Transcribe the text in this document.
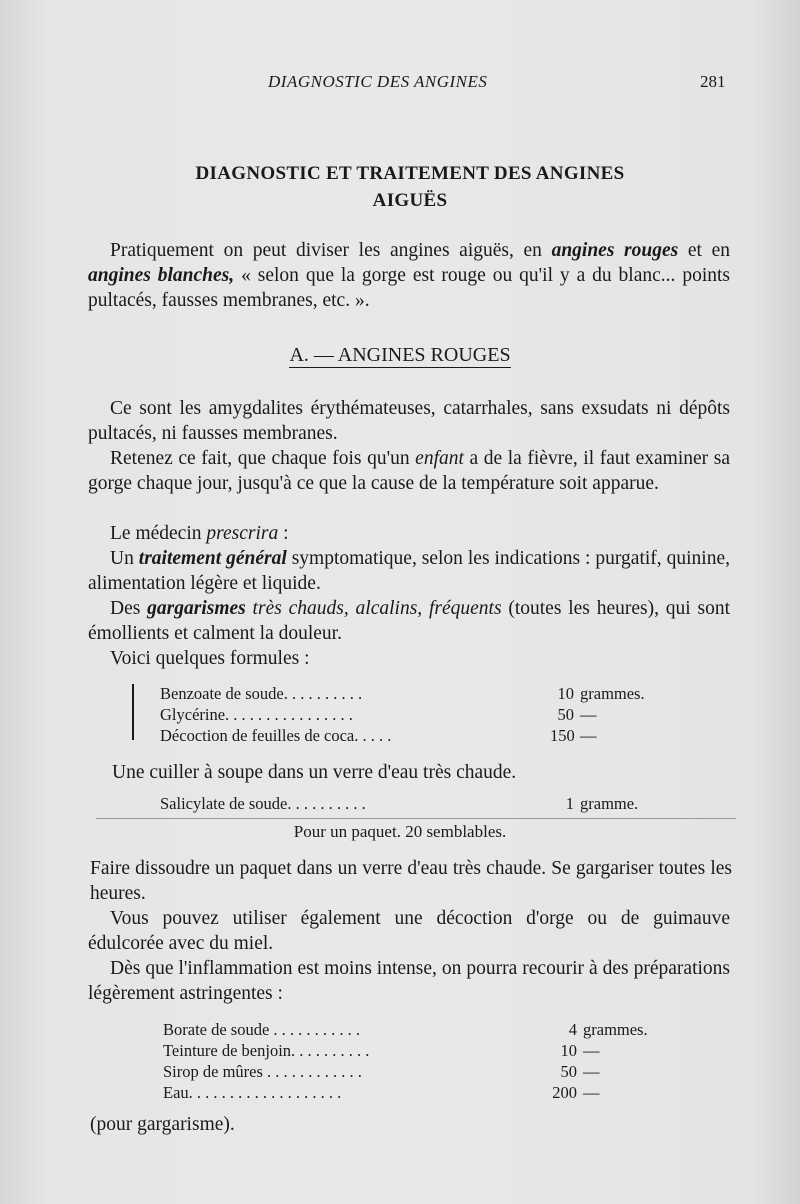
DIAGNOSTIC DES ANGINES	281
DIAGNOSTIC ET TRAITEMENT DES ANGINES
AIGUËS
Pratiquement on peut diviser les angines aiguës, en angines rouges et en angines blanches, « selon que la gorge est rouge ou qu'il y a du blanc... points pultacés, fausses membranes, etc. ».
A. — ANGINES ROUGES
Ce sont les amygdalites érythémateuses, catarrhales, sans exsudats ni dépôts pultacés, ni fausses membranes.
Retenez ce fait, que chaque fois qu'un enfant a de la fièvre, il faut examiner sa gorge chaque jour, jusqu'à ce que la cause de la température soit apparue.
Le médecin prescrira :
Un traitement général symptomatique, selon les indications : purgatif, quinine, alimentation légère et liquide.
Des gargarismes très chauds, alcalins, fréquents (toutes les heures), qui sont émollients et calment la douleur.
Voici quelques formules :
Benzoate de soude. . . . . . . . . .	10 grammes.
Glycérine. . . . . . . . . . . . . . . .	50 —
Décoction de feuilles de coca. . . . .	150 —
Une cuiller à soupe dans un verre d'eau très chaude.
Salicylate de soude. . . . . . . . . .	1 gramme.
Pour un paquet. 20 semblables.
Faire dissoudre un paquet dans un verre d'eau très chaude. Se gargariser toutes les heures.
Vous pouvez utiliser également une décoction d'orge ou de guimauve édulcorée avec du miel.
Dès que l'inflammation est moins intense, on pourra recourir à des préparations légèrement astringentes :
Borate de soude . . . . . . . . . . .	4 grammes.
Teinture de benjoin. . . . . . . . . .	10 —
Sirop de mûres . . . . . . . . . . . .	50 —
Eau. . . . . . . . . . . . . . . . . . .	200 —
(pour gargarisme).
